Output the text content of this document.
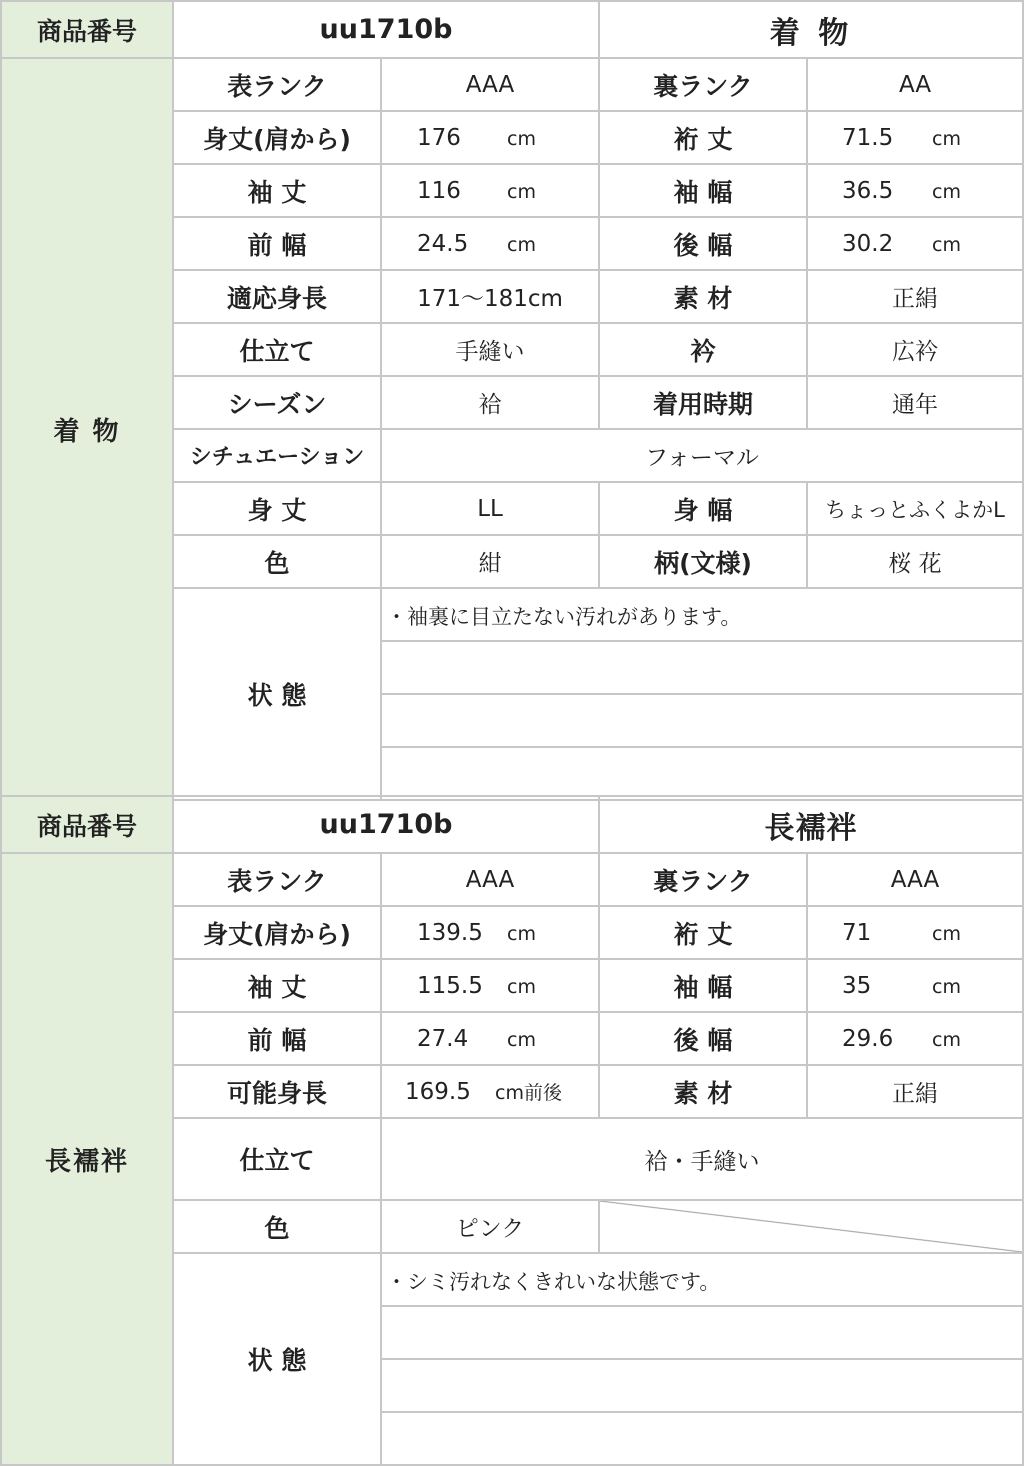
商品番号	uu1710b		着 物	
着 物	表ランク	AAA	裏ランク	AA
	身丈(肩から)	176 cm	裄 丈	71.5 cm
	袖 丈	116 cm	袖 幅	36.5 cm
	前 幅	24.5 cm	後 幅	30.2 cm
	適応身長	171～181cm	素 材	正絹
	仕立て	手縫い	衿	広衿
	シーズン	袷	着用時期	通年
	シチュエーション	フォーマル		
	身 丈	LL	身 幅	ちょっとふくよかL
	色	紺	柄(文様)	桜 花
	状 態	・袖裏に目立たない汚れがあります。		

商品番号	uu1710b		長襦袢	
長襦袢	表ランク	AAA	裏ランク	AAA
	身丈(肩から)	139.5 cm	裄 丈	71 cm
	袖 丈	115.5 cm	袖 幅	35 cm
	前 幅	27.4 cm	後 幅	29.6 cm
	可能身長	169.5 cm前後	素 材	正絹
	仕立て	袷・手縫い		
	色	ピンク		
	状 態	・シミ汚れなくきれいな状態です。		
